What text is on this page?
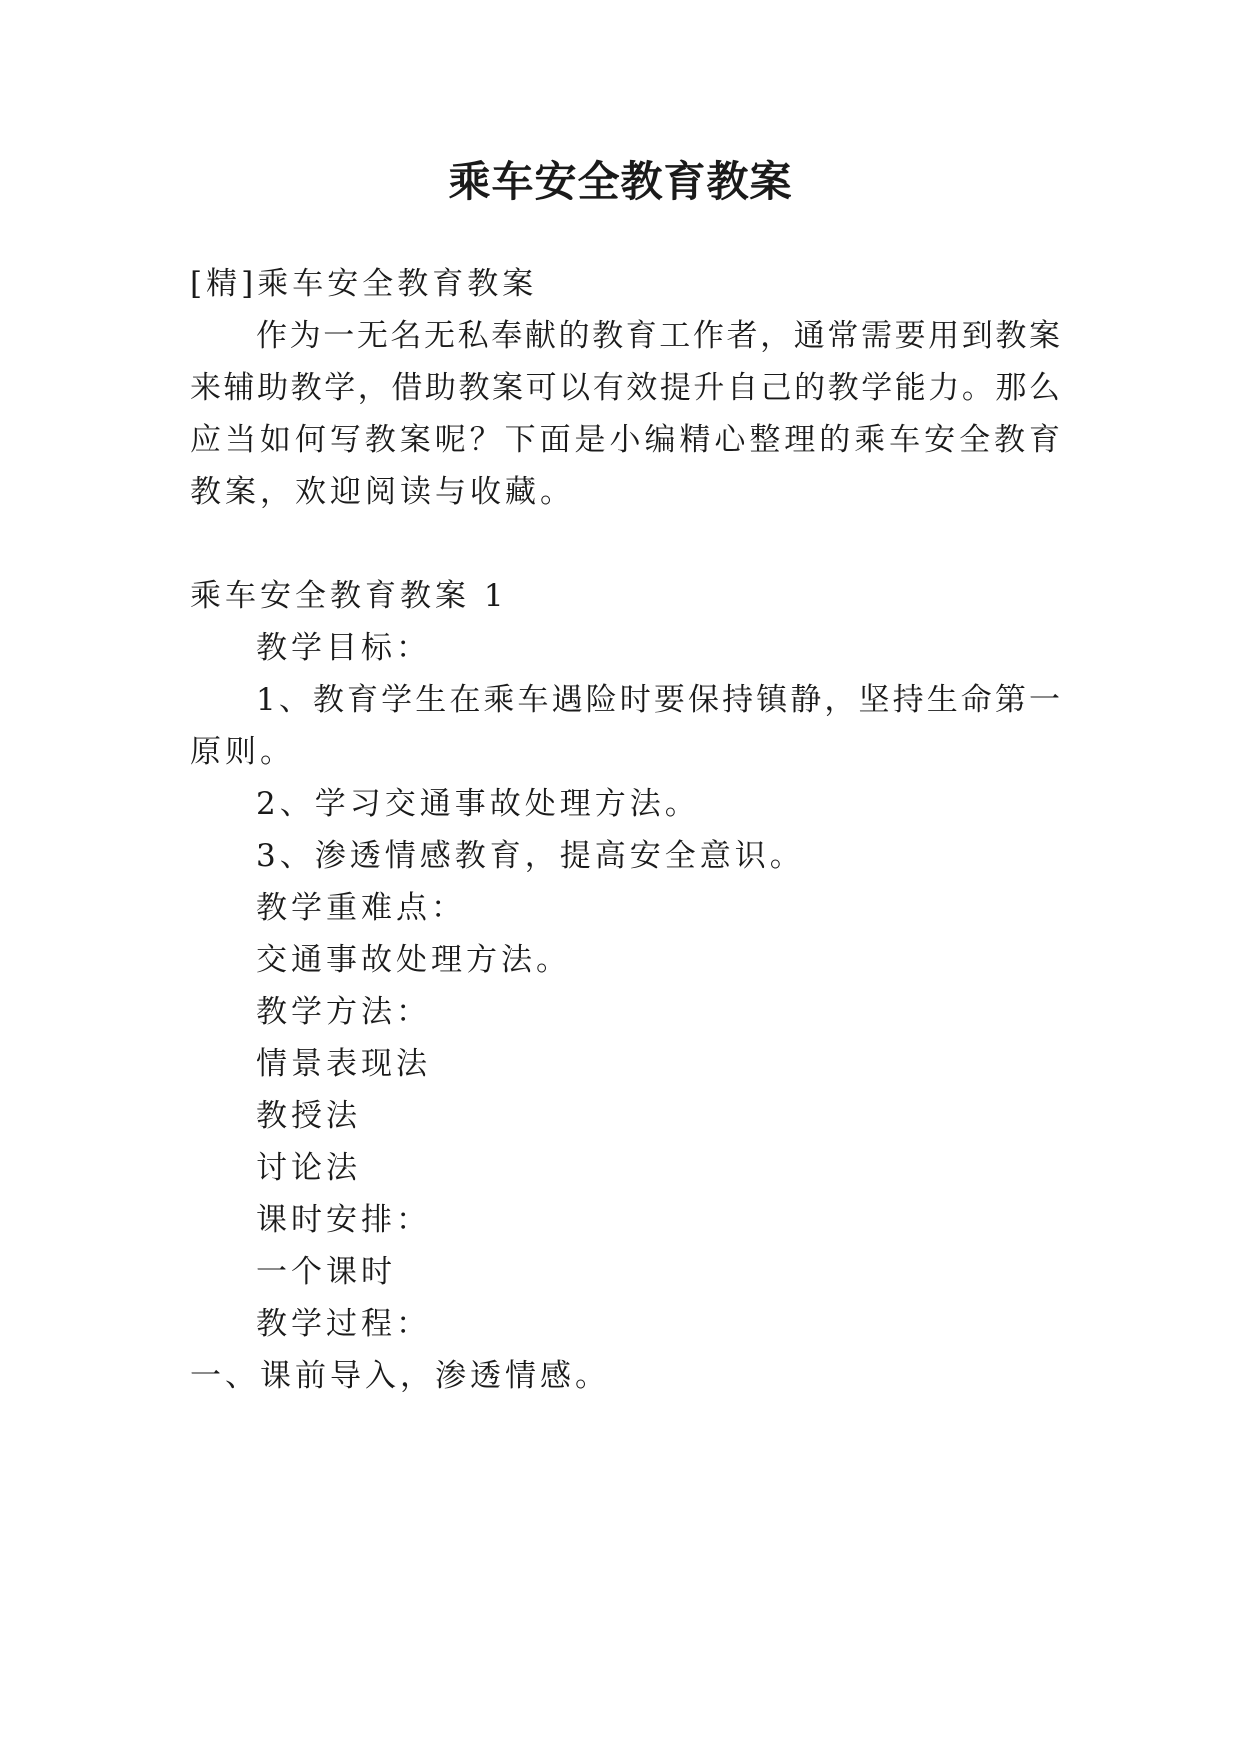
乘车安全教育教案

[精]乘车安全教育教案

作为一无名无私奉献的教育工作者，通常需要用到教案

来辅助教学，借助教案可以有效提升自己的教学能力。那么

应当如何写教案呢？下面是小编精心整理的乘车安全教育

教案，欢迎阅读与收藏。

乘车安全教育教案 1

教学目标：

1、教育学生在乘车遇险时要保持镇静，坚持生命第一

原则。

2、学习交通事故处理方法。

3、渗透情感教育，提高安全意识。

教学重难点：

交通事故处理方法。

教学方法：

情景表现法

教授法

讨论法

课时安排：

一个课时

教学过程：

一、课前导入，渗透情感。
